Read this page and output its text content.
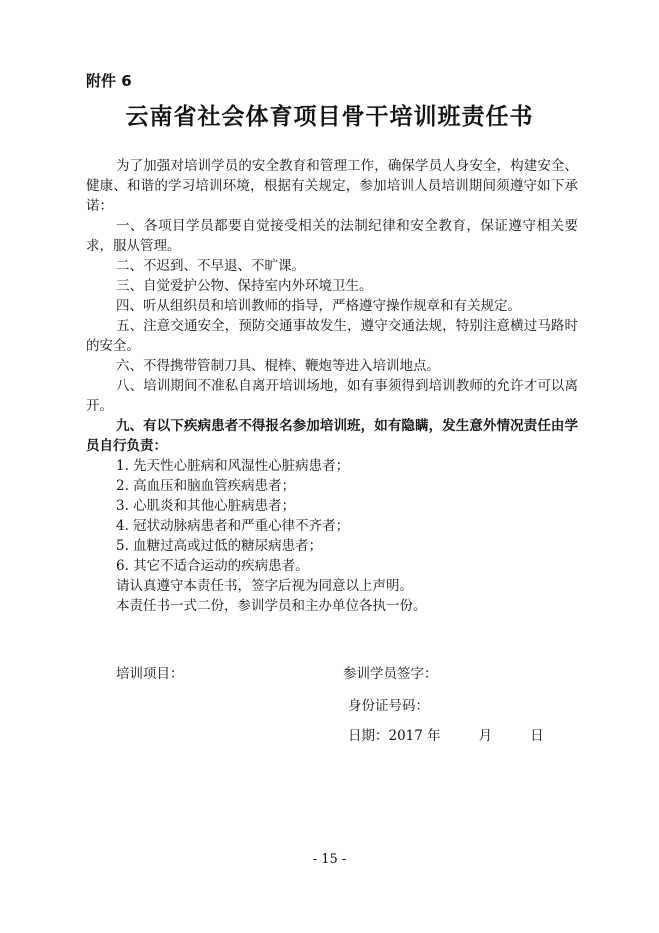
附件 6
云南省社会体育项目骨干培训班责任书

为了加强对培训学员的安全教育和管理工作，确保学员人身安全，构建安全、健康、和谐的学习培训环境，根据有关规定，参加培训人员培训期间须遵守如下承诺：

一、各项目学员都要自觉接受相关的法制纪律和安全教育，保证遵守相关要求，服从管理。

二、不迟到、不早退、不旷课。

三、自觉爱护公物、保持室内外环境卫生。

四、听从组织员和培训教师的指导，严格遵守操作规章和有关规定。

五、注意交通安全，预防交通事故发生，遵守交通法规，特别注意横过马路时的安全。

六、不得携带管制刀具、棍棒、鞭炮等进入培训地点。

八、培训期间不准私自离开培训场地，如有事须得到培训教师的允许才可以离开。

九、有以下疾病患者不得报名参加培训班，如有隐瞒，发生意外情况责任由学员自行负责：

1. 先天性心脏病和风湿性心脏病患者；

2. 高血压和脑血管疾病患者；

3. 心肌炎和其他心脏病患者；

4. 冠状动脉病患者和严重心律不齐者；

5. 血糖过高或过低的糖尿病患者；

6. 其它不适合运动的疾病患者。

请认真遵守本责任书，签字后视为同意以上声明。

本责任书一式二份，参训学员和主办单位各执一份。

培训项目：	参训学员签字：
身份证号码：
日期：2017 年	月	日
- 15 -
